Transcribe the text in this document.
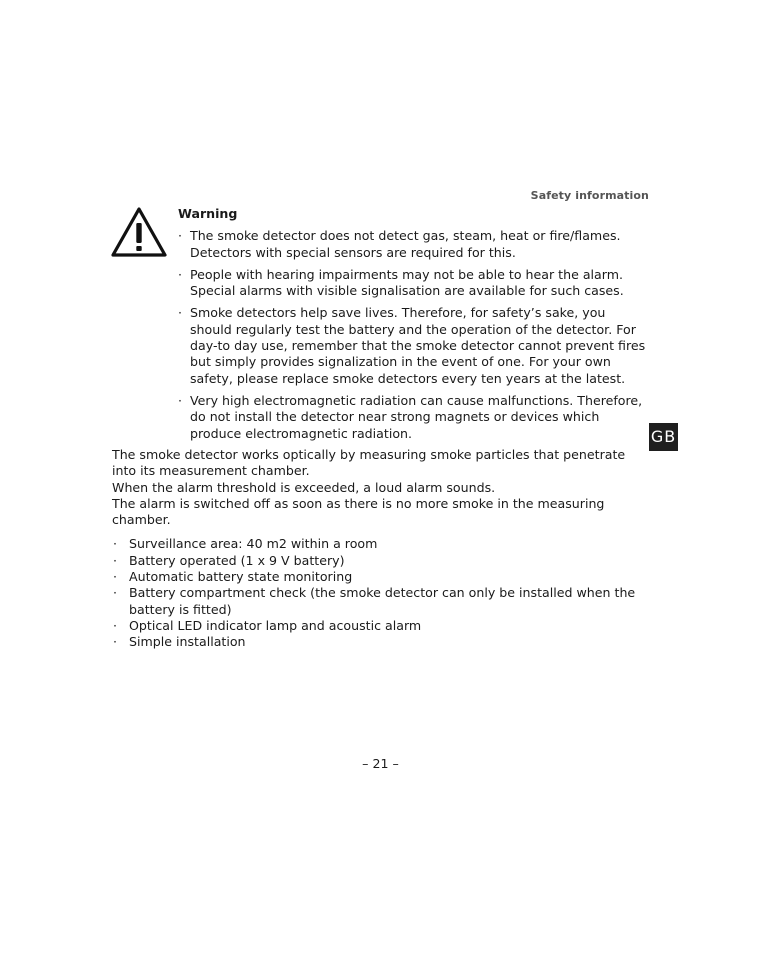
Safety information
Warning
· The smoke detector does not detect gas, steam, heat or fire/flames. Detectors with special sensors are required for this.
· People with hearing impairments may not be able to hear the alarm. Special alarms with visible signalisation are available for such cases.
· Smoke detectors help save lives. Therefore, for safety’s sake, you should regularly test the battery and the operation of the detector. For day-to day use, remember that the smoke detector cannot prevent fires but simply provides signalization in the event of one. For your own safety, please replace smoke detectors every ten years at the latest.
· Very high electromagnetic radiation can cause malfunctions. Therefore, do not install the detector near strong magnets or devices which produce electromagnetic radiation.	GB
The smoke detector works optically by measuring smoke particles that penetrate into its measurement chamber.
When the alarm threshold is exceeded, a loud alarm sounds.
The alarm is switched off as soon as there is no more smoke in the measuring chamber.
· Surveillance area: 40 m2 within a room
· Battery operated (1 x 9 V battery)
· Automatic battery state monitoring
· Battery compartment check (the smoke detector can only be installed when the battery is fitted)
· Optical LED indicator lamp and acoustic alarm
· Simple installation
– 21 –
